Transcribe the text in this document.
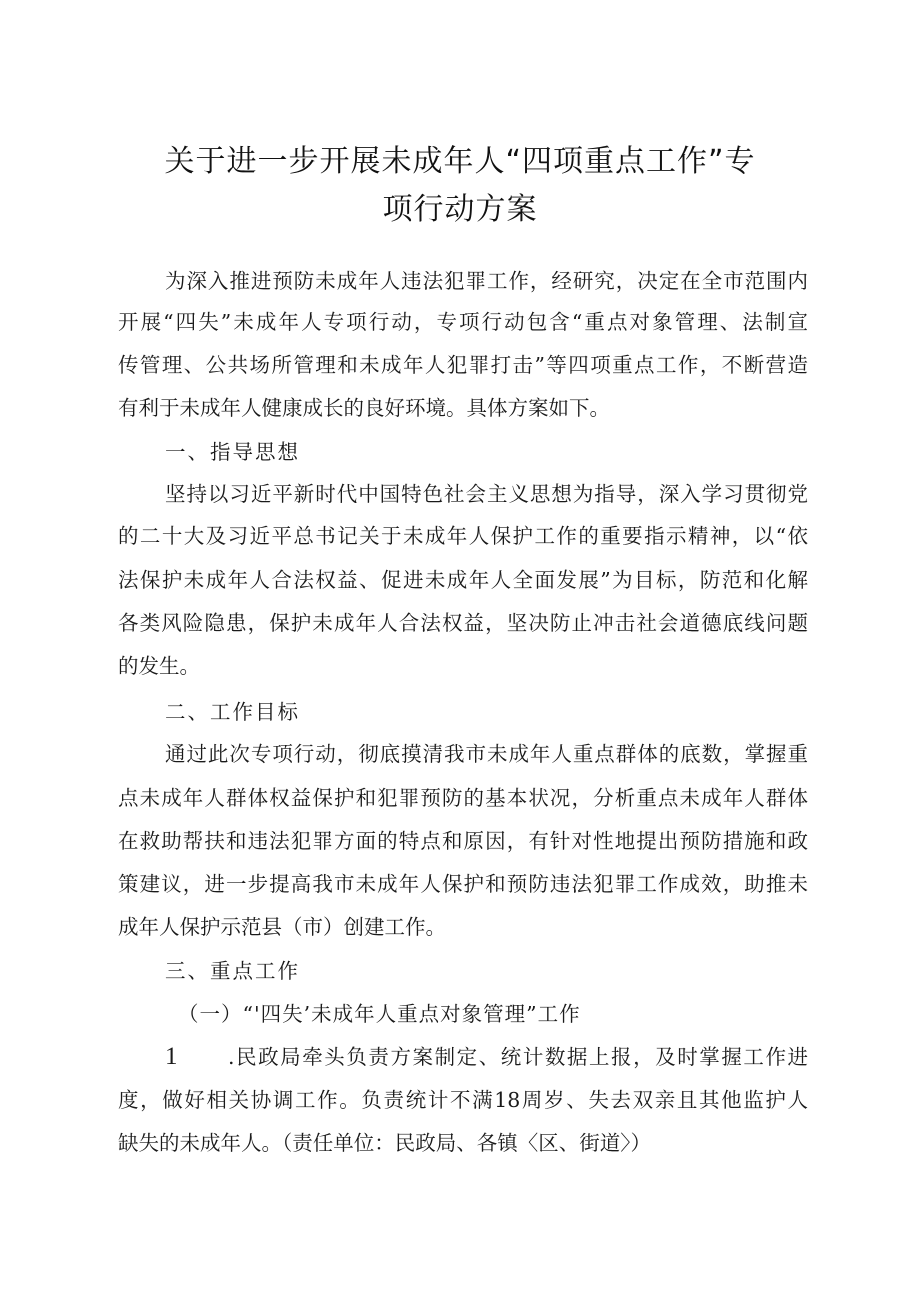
关于进一步开展未成年人“四项重点工作”专
项行动方案
为深入推进预防未成年人违法犯罪工作，经研究，决定在全市范围内
开展“四失”未成年人专项行动，专项行动包含“重点对象管理、法制宣
传管理、公共场所管理和未成年人犯罪打击”等四项重点工作，不断营造
有利于未成年人健康成长的良好环境。具体方案如下。
一、指导思想
坚持以习近平新时代中国特色社会主义思想为指导，深入学习贯彻党
的二十大及习近平总书记关于未成年人保护工作的重要指示精神，以“依
法保护未成年人合法权益、促进未成年人全面发展”为目标，防范和化解
各类风险隐患，保护未成年人合法权益，坚决防止冲击社会道德底线问题
的发生。
二、工作目标
通过此次专项行动，彻底摸清我市未成年人重点群体的底数，掌握重
点未成年人群体权益保护和犯罪预防的基本状况，分析重点未成年人群体
在救助帮扶和违法犯罪方面的特点和原因，有针对性地提出预防措施和政
策建议，进一步提高我市未成年人保护和预防违法犯罪工作成效，助推未
成年人保护示范县（市）创建工作。
三、重点工作
（一）“'四失’未成年人重点对象管理”工作
1 .民政局牵头负责方案制定、统计数据上报，及时掌握工作进
度，做好相关协调工作。负责统计不满18周岁、失去双亲且其他监护人
缺失的未成年人。（责任单位：民政局、各镇〈区、街道〉）
